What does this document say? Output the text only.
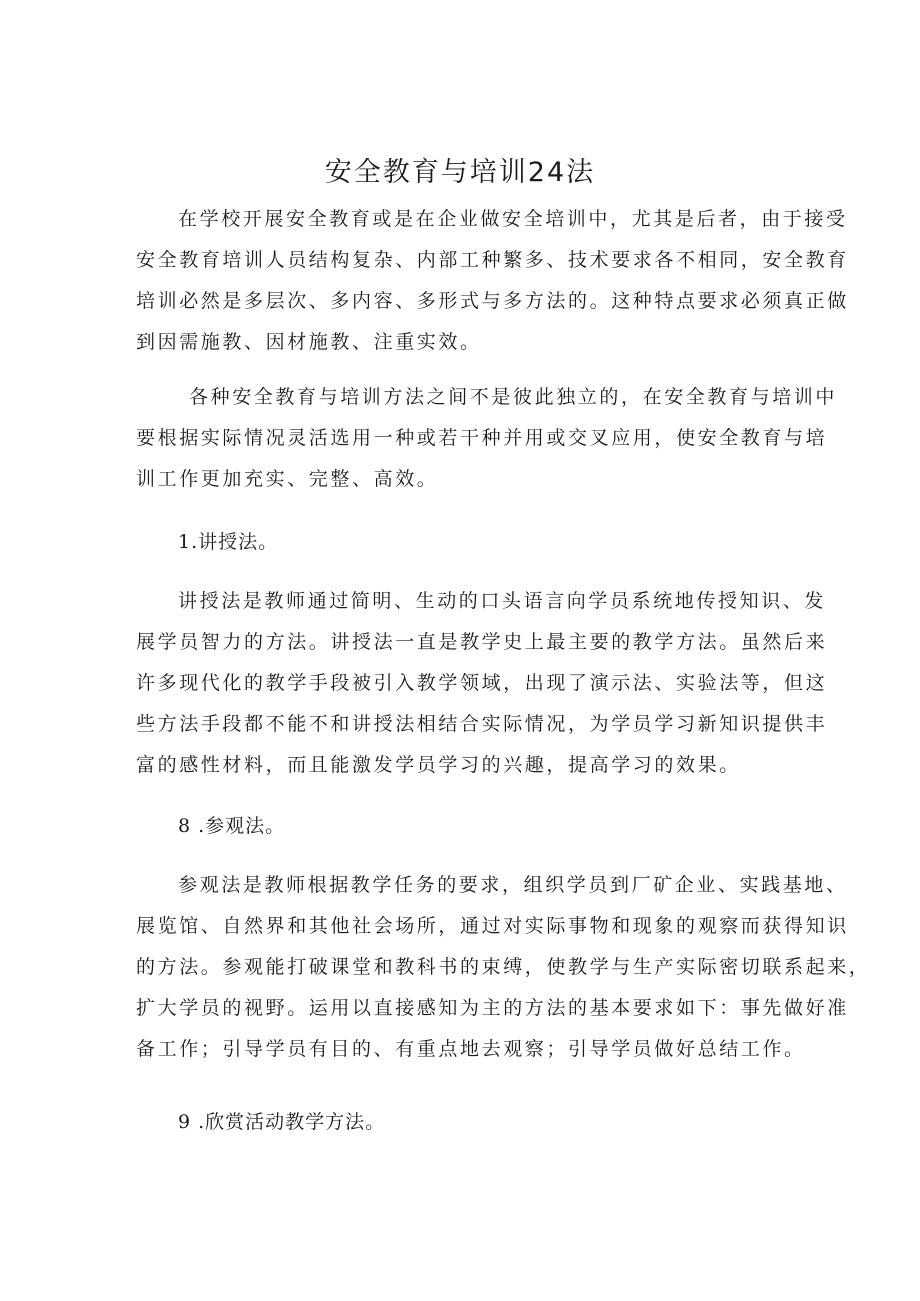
安全教育与培训24法
在学校开展安全教育或是在企业做安全培训中，尤其是后者，由于接受
安全教育培训人员结构复杂、内部工种繁多、技术要求各不相同，安全教育
培训必然是多层次、多内容、多形式与多方法的。这种特点要求必须真正做
到因需施教、因材施教、注重实效。
各种安全教育与培训方法之间不是彼此独立的，在安全教育与培训中
要根据实际情况灵活选用一种或若干种并用或交叉应用，使安全教育与培
训工作更加充实、完整、高效。
1.讲授法。
讲授法是教师通过简明、生动的口头语言向学员系统地传授知识、发
展学员智力的方法。讲授法一直是教学史上最主要的教学方法。虽然后来
许多现代化的教学手段被引入教学领域，出现了演示法、实验法等，但这
些方法手段都不能不和讲授法相结合实际情况，为学员学习新知识提供丰
富的感性材料，而且能激发学员学习的兴趣，提高学习的效果。
8 .参观法。
参观法是教师根据教学任务的要求，组织学员到厂矿企业、实践基地、
展览馆、自然界和其他社会场所，通过对实际事物和现象的观察而获得知识
的方法。参观能打破课堂和教科书的束缚，使教学与生产实际密切联系起来，
扩大学员的视野。运用以直接感知为主的方法的基本要求如下：事先做好准
备工作；引导学员有目的、有重点地去观察；引导学员做好总结工作。
9 .欣赏活动教学方法。
